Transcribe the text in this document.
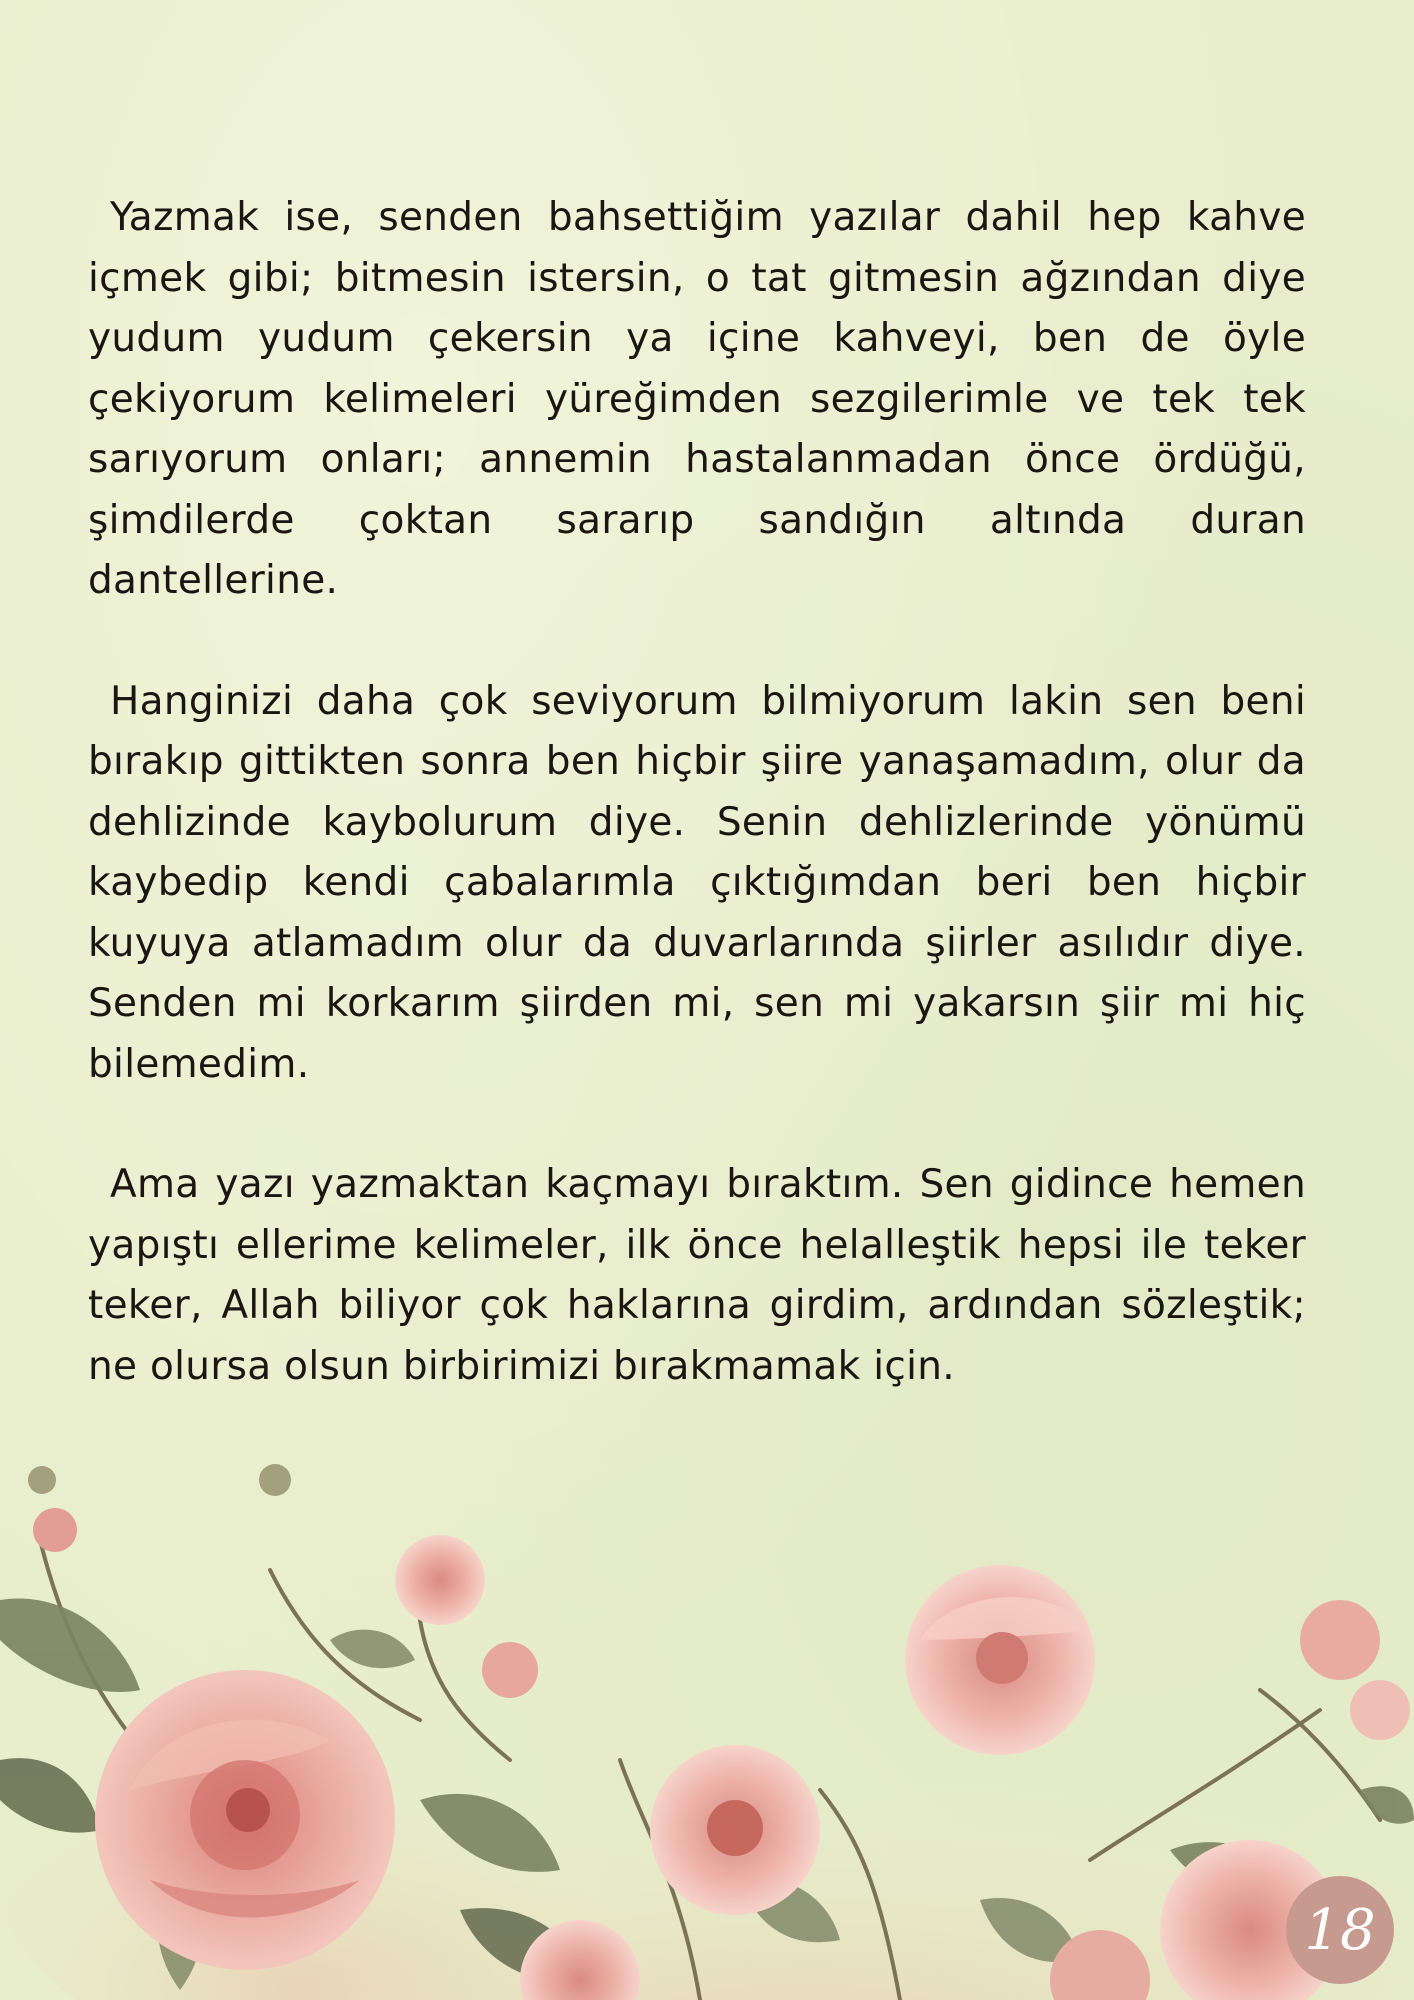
Yazmak ise, senden bahsettiğim yazılar dahil hep kahve içmek gibi; bitmesin istersin, o tat gitmesin ağzından diye yudum yudum çekersin ya içine kahveyi, ben de öyle çekiyorum kelimeleri yüreğimden sezgilerimle ve tek tek sarıyorum onları; annemin hastalanmadan önce ördüğü, şimdilerde çoktan sararıp sandığın altında duran dantellerine.

Hanginizi daha çok seviyorum bilmiyorum lakin sen beni bırakıp gittikten sonra ben hiçbir şiire yanaşamadım, olur da dehlizinde kaybolurum diye. Senin dehlizlerinde yönümü kaybedip kendi çabalarımla çıktığımdan beri ben hiçbir kuyuya atlamadım olur da duvarlarında şiirler asılıdır diye. Senden mi korkarım şiirden mi, sen mi yakarsın şiir mi hiç bilemedim.

Ama yazı yazmaktan kaçmayı bıraktım. Sen gidince hemen yapıştı ellerime kelimeler, ilk önce helalleştik hepsi ile teker teker, Allah biliyor çok haklarına girdim, ardından sözleştik; ne olursa olsun birbirimizi bırakmamak için.

18
